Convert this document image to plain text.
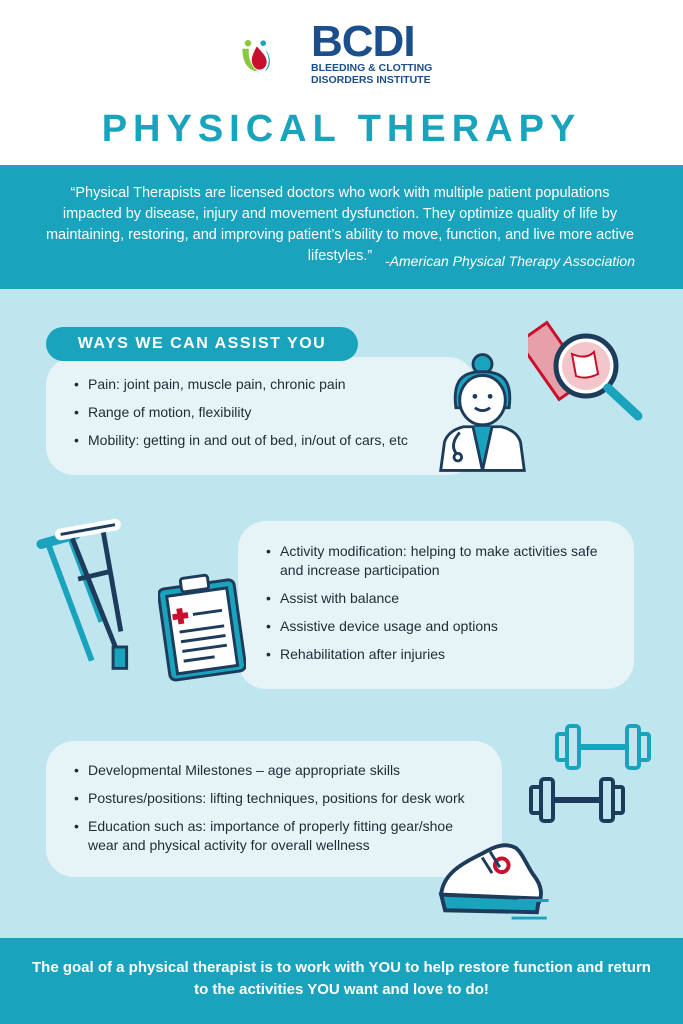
BCDI
BLEEDING & CLOTTING
DISORDERS INSTITUTE
PHYSICAL THERAPY
“Physical Therapists are licensed doctors who work with multiple patient populations impacted by disease, injury and movement dysfunction. They optimize quality of life by maintaining, restoring, and improving patient’s ability to move, function, and live more active lifestyles.” -American Physical Therapy Association
• Pain: joint pain, muscle pain, chronic pain
• Range of motion, flexibility
• Mobility: getting in and out of bed, in/out of cars, etc
WAYS WE CAN ASSIST YOU
• Activity modification: helping to make activities safe and increase participation
• Assist with balance
• Assistive device usage and options
• Rehabilitation after injuries
• Developmental Milestones – age appropriate skills
• Postures/positions: lifting techniques, positions for desk work
• Education such as: importance of properly fitting gear/shoe wear and physical activity for overall wellness
The goal of a physical therapist is to work with YOU to help restore function and return to the activities YOU want and love to do!
